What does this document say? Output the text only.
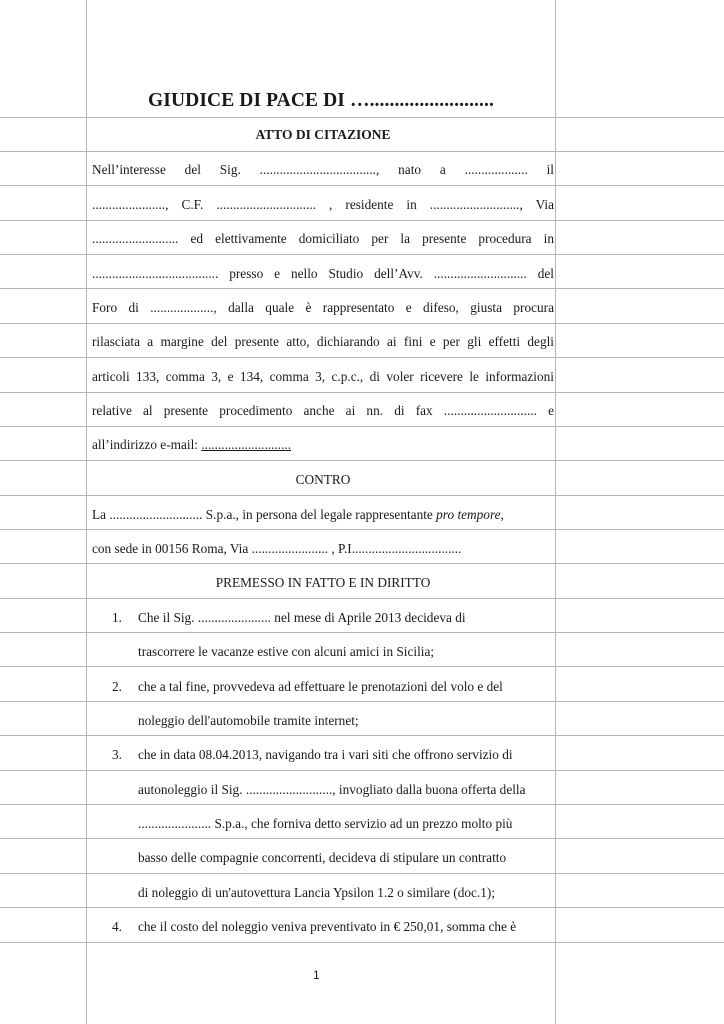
GIUDICE DI PACE DI ….........................
ATTO DI CITAZIONE
Nell’interesse del Sig. ..................................., nato a ................... il
......................, C.F. .............................. , residente in ..........................., Via
.......................... ed elettivamente domiciliato per la presente procedura in
...................................... presso e nello Studio dell’Avv. ............................ del
Foro di ..................., dalla quale è rappresentato e difeso, giusta procura
rilasciata a margine del presente atto, dichiarando ai fini e per gli effetti degli
articoli 133, comma 3, e 134, comma 3, c.p.c., di voler ricevere le informazioni
relative al presente procedimento anche ai nn. di fax ............................ e
all’indirizzo e-mail: ...........................
CONTRO
La ............................ S.p.a., in persona del legale rappresentante pro tempore,
con sede in 00156 Roma, Via ....................... , P.I.................................
PREMESSO IN FATTO E IN DIRITTO
1.	Che il Sig. ...................... nel mese di Aprile 2013 decideva di
trascorrere le vacanze estive con alcuni amici in Sicilia;
2.	che a tal fine, provvedeva ad effettuare le prenotazioni del volo e del
noleggio dell'automobile tramite internet;
3.	che in data 08.04.2013, navigando tra i vari siti che offrono servizio di
autonoleggio il Sig. .........................., invogliato dalla buona offerta della
...................... S.p.a., che forniva detto servizio ad un prezzo molto più
basso delle compagnie concorrenti, decideva di stipulare un contratto
di noleggio di un'autovettura Lancia Ypsilon 1.2 o similare (doc.1);
4.	che il costo del noleggio veniva preventivato in € 250,01, somma che è
1
